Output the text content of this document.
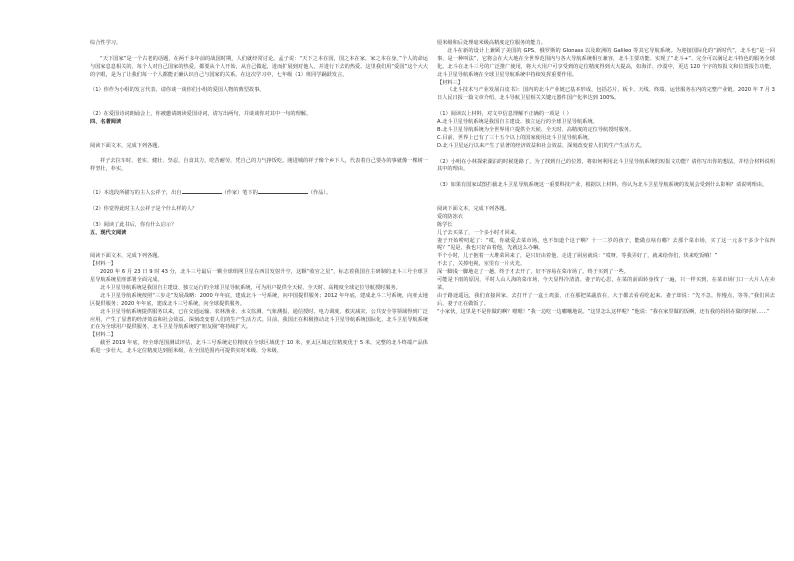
综合性学习。

“天下国家”是一个古老的话题，在两千多年前的战国时期，人们就经常讨论。孟子说：“天下之本在国，国之本在家，家之本在身。”个人的命运与国家息息相关的，每个人对自己国家的热爱，都要从个人开始，从自己做起，进而扩展到对他人，并进行下去的热爱。这里我们用“爱国”这个大大的字眼，是为了让我们每一个人都能正确认识自己与国家的关系。在这次学习中，七年级（1）班同学踊跃发言。

（1）你作为小组的发言代表，请你谈一谈你们小组的爱国人物的典型故事。

（2）在爱国诗词朗诵会上，你被邀请朗读爱国诗词，请写出两句，并谈谈你对其中一句的理解。

四、名著阅读

阅读下面文本，完成下列各题。

祥子去拉车时，老实、健壮、坚忍，自食其力，吃苦耐劳，凭自己的力气挣饭吃。刚进城的祥子像个乡下人，代表着自己要办的事就像一棵树一样坚壮，朴实。

（1）本选段所描写的主人公祥子，出自	（作家）笔下的	（作品）。

（2）你觉得此时主人公祥子是个什么样的人？

（3）阅读了此书后，你有什么启示？

五、现代文阅读

阅读下面文本，完成下列各题。

【材料一】

2020 年 6 月 23 日 9 时 43 分，北斗三号最后一颗全球组网卫星在西昌发射升空，这颗“收官之星”，标志着我国自主研制的北斗三号全球卫星导航系统星座部署全面完成。

北斗卫星导航系统是我国自主建设、独立运行的全球卫星导航系统，可为用户提供全天候、全天时、高精度全球定位导航授时服务。

北斗卫星导航系统按照“三步走”发展战略：2000 年年底，建成北斗一号系统，向中国提供服务；2012 年年底，建成北斗二号系统，向亚太地区提供服务；2020 年年底，建成北斗三号系统，向全球提供服务。

北斗卫星导航系统提供服务以来，已在交通运输、农林渔业、水文监测、气象测报、通信授时、电力调度、救灾减灾、公共安全等领域得到广泛应用，产生了显著的经济效益和社会效益。深刻改变着人们的生产生活方式。目前，我国正在积极推动北斗卫星导航系统国际化，北斗卫星导航系统正在为全球用户提供服务，北斗卫星导航系统的“朋友圈”将持续扩大。

【材料二】

截至 2019 年底，经全球范围测试评估，北斗三号系统定位精度在全球区域优于 10 米，亚太区域定位精度优于 5 米。完整的北斗终端产品体系进一步壮大，北斗定位精度达到厘米级，在全国范围内可提供实时米级、分米级、

厘米级和后处理毫米级高精度定位服务的能力。

北斗在新的设计上兼顾了美国的 GPS、俄罗斯的 Glonass 以及欧洲的 Galileo 等其它导航系统。为迎接国际化的“新时代”，北斗也“是一回事，是一种叫法”，它将会在大大地在全世界范围内与各大导航系统相互兼容，北斗主要功能、实现了“北斗+”、完全可以满足北斗特色的服务全球化。北斗在北斗三号的广泛推广使用，将大大用户可享受到的定位精度得到大大提高，如海洋、沙漠中，更达 120 个字的短报文和位置报告功能，北斗卫星导航系统在全球卫星导航系统中持续发挥重要作用。

【材料三】

《北斗技术与产业发展白皮书》：国内的北斗产业链已基本形成，包括芯片、板卡、天线、终端、运营服务在内的完整产业链。2020 年 7 月 3 日人民日报一篇文章介绍，北斗导航卫星相关关键元器件国产化率达到 100%。

（1）阅读以上材料，对文中信息理解不正确的一项是（ ）

A.北斗卫星导航系统是我国自主建设、独立运行的全球卫星导航系统。

B.北斗卫星导航系统为全世界用户提供全天候、全天时、高精度的定位导航授时服务。

C.目前，世界上已有了三十五个以上的国家使用北斗卫星导航系统。

D.北斗卫星运行以来产生了显著的经济效益和社会效益，深刻改变着人们的生产生活方式。

（2）小明在小林探索湖泊的时候迷路了，为了找到自己的位置，将如何利用北斗卫星导航系统的短报文功能？请你写出你的想法，并结合材料说明其中的理由。

（3）如果有国家试图拦截北斗卫星导航系统这一重要科技产业，根据以上材料，你认为北斗卫星导航系统的发展会受到什么影响？请说明理由。

阅读下面文本，完成下列各题。

爱的防冻衣

陈学长

儿子去买菜了，一个多小时才回来。

妻子开始唠叨起了：“哎，你就爱去菜市场，也不知道个这子啊？十一二岁的孩子，能做点啥有哪？去那个菜市场，买了这一元多干多少个东西呢？”见是，我也只好由着他，先就这么办嘛。

半个小时，儿子抱着一大堆菜回来了，是只好由着他，走进了厨房就说：“哎呀，等我弄好了，就来给你们，快来吃饭哦！”

不去了，关掉电视，室里有一片火光。

深一脚浅一脚地走了一趟，终于才去开了，好不容易在菜市场了。终于买到了一些。

可能是下雨的原因，平时人山人海的菜市场，今天显得冷清清。妻子的心思，在菜的前面转身找了一遍，只一样买到，在菜市场门口一大片人在卖菜。

由于路途遥远，我们直接回家，去打开了一盒土鸡蛋，正在那把菜蔬放在，大于都去看看吃起来。妻子却说：“先不急，你慢点，等等。”我们回去后，妻子正在做饭了。

“小家伙，这里是不是你做的啊？嗯嗯！”我一边吃一边嘟嚷地说。“这里怎么这样呢？”他说：“我在家里做的饭啊，还有我的妈妈在做的时候……”
